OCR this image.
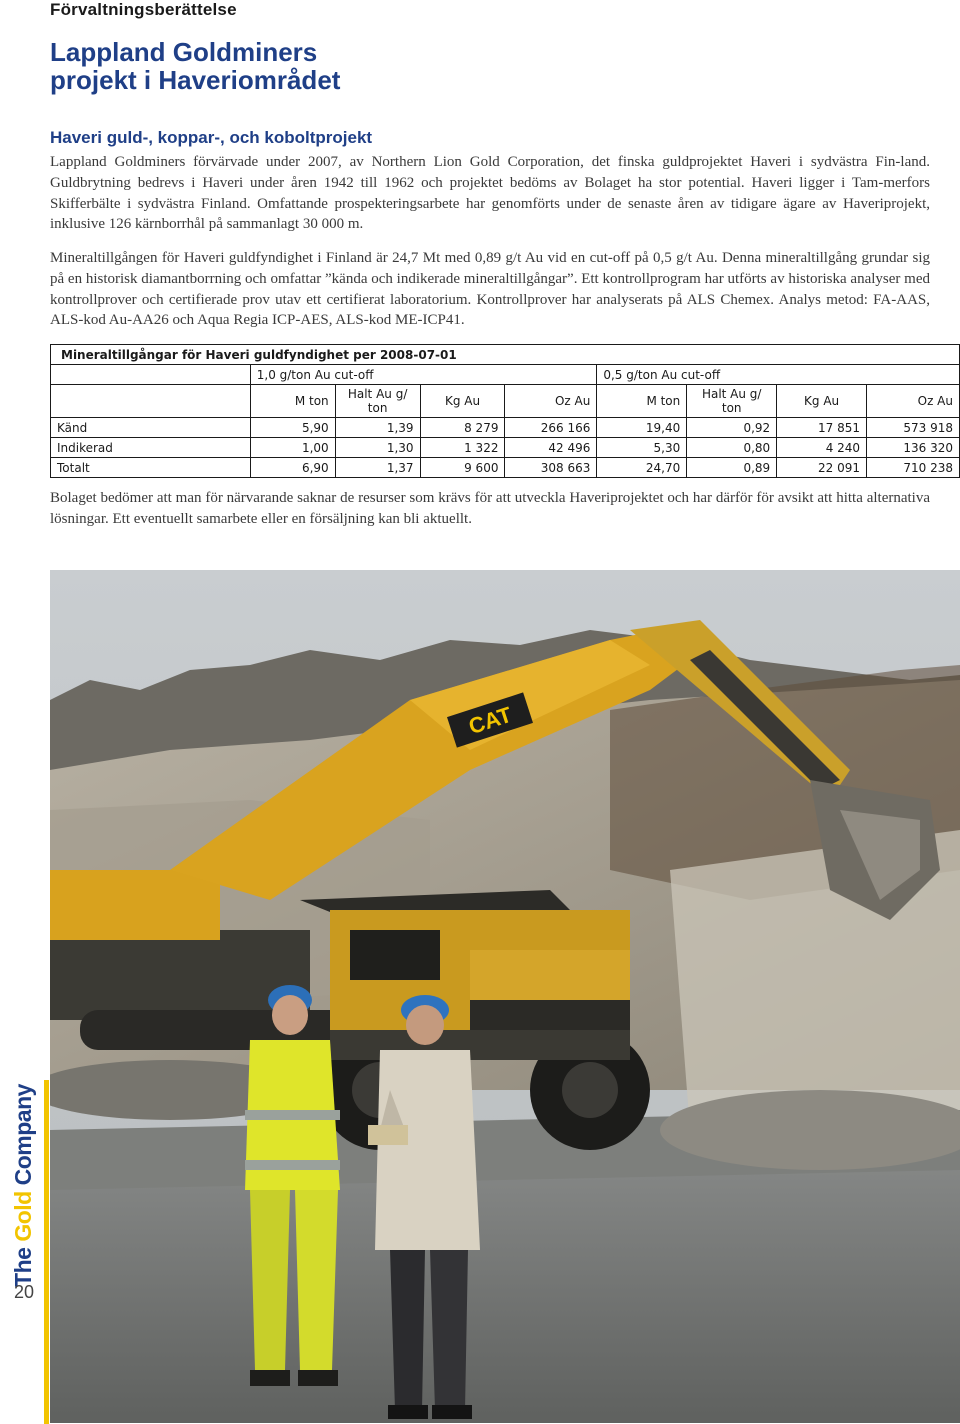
Förvaltningsberättelse
Lappland Goldminers
projekt i Haveriområdet
Haveri guld-, koppar-, och koboltprojekt

Lappland Goldminers förvärvade under 2007, av Northern Lion Gold Corporation, det finska guldprojektet Haveri i sydvästra Fin-land. Guldbrytning bedrevs i Haveri under åren 1942 till 1962 och projektet bedöms av Bolaget ha stor potential. Haveri ligger i Tam-merfors Skifferbälte i sydvästra Finland. Omfattande prospekteringsarbete har genomförts under de senaste åren av tidigare ägare av Haveriprojekt, inklusive 126 kärnborrhål på sammanlagt 30 000 m.

Mineraltillgången för Haveri guldfyndighet i Finland är 24,7 Mt med 0,89 g/t Au vid en cut-off på 0,5 g/t Au. Denna mineraltillgång grundar sig på en historisk diamantborrning och omfattar ”kända och indikerade mineraltillgångar”. Ett kontrollprogram har utförts av historiska analyser med kontrollprover och certifierade prov utav ett certifierat laboratorium. Kontrollprover har analyserats på ALS Chemex. Analys metod: FA-AAS, ALS-kod Au-AA26 och Aqua Regia ICP-AES, ALS-kod ME-ICP41.

Mineraltillgångar för Haveri guldfyndighet per 2008-07-01								
	1,0 g/ton Au cut-off				0,5 g/ton Au cut-off			
	M ton	Halt Au g/ ton	Kg Au	Oz Au	M ton	Halt Au g/ ton	Kg Au	Oz Au
Känd	5,90	1,39	8 279	266 166	19,40	0,92	17 851	573 918
Indikerad	1,00	1,30	1 322	42 496	5,30	0,80	4 240	136 320
Totalt	6,90	1,37	9 600	308 663	24,70	0,89	22 091	710 238

Bolaget bedömer att man för närvarande saknar de resurser som krävs för att utveckla Haveriprojektet och har därför för avsikt att hitta alternativa lösningar. Ett eventuellt samarbete eller en försäljning kan bli aktuellt.

CAT
The Gold Company
20
